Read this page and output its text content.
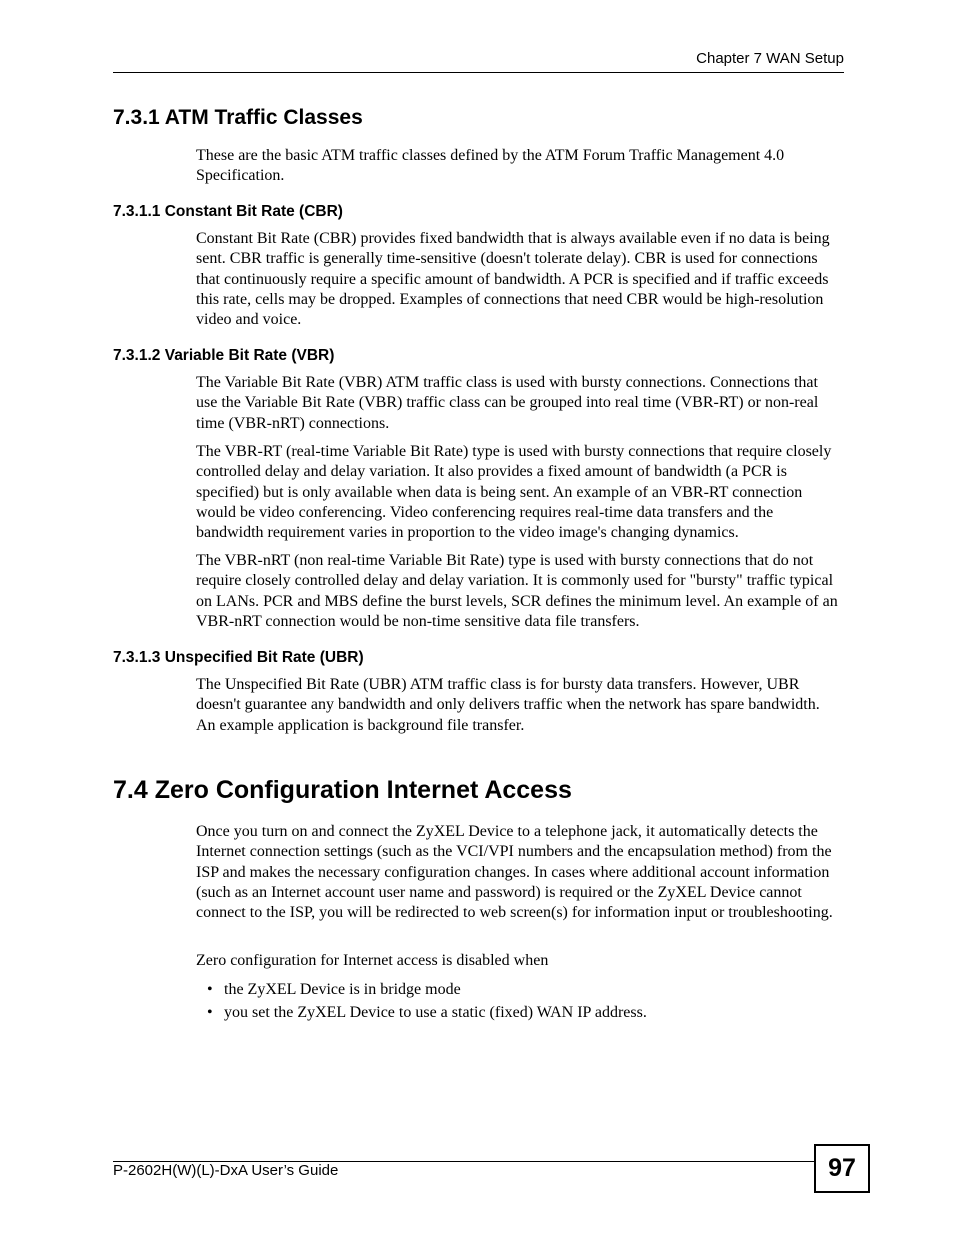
Chapter 7 WAN Setup
7.3.1 ATM Traffic Classes

These are the basic ATM traffic classes defined by the ATM Forum Traffic Management 4.0 Specification.

7.3.1.1 Constant Bit Rate (CBR)

Constant Bit Rate (CBR) provides fixed bandwidth that is always available even if no data is being sent. CBR traffic is generally time-sensitive (doesn't tolerate delay). CBR is used for connections that continuously require a specific amount of bandwidth. A PCR is specified and if traffic exceeds this rate, cells may be dropped. Examples of connections that need CBR would be high-resolution video and voice.

7.3.1.2 Variable Bit Rate (VBR)

The Variable Bit Rate (VBR) ATM traffic class is used with bursty connections. Connections that use the Variable Bit Rate (VBR) traffic class can be grouped into real time (VBR-RT) or non-real time (VBR-nRT) connections.

The VBR-RT (real-time Variable Bit Rate) type is used with bursty connections that require closely controlled delay and delay variation. It also provides a fixed amount of bandwidth (a PCR is specified) but is only available when data is being sent. An example of an VBR-RT connection would be video conferencing. Video conferencing requires real-time data transfers and the bandwidth requirement varies in proportion to the video image's changing dynamics.

The VBR-nRT (non real-time Variable Bit Rate) type is used with bursty connections that do not require closely controlled delay and delay variation. It is commonly used for "bursty" traffic typical on LANs. PCR and MBS define the burst levels, SCR defines the minimum level. An example of an VBR-nRT connection would be non-time sensitive data file transfers.

7.3.1.3 Unspecified Bit Rate (UBR)

The Unspecified Bit Rate (UBR) ATM traffic class is for bursty data transfers. However, UBR doesn't guarantee any bandwidth and only delivers traffic when the network has spare bandwidth. An example application is background file transfer.

7.4 Zero Configuration Internet Access

Once you turn on and connect the ZyXEL Device to a telephone jack, it automatically detects the Internet connection settings (such as the VCI/VPI numbers and the encapsulation method) from the ISP and makes the necessary configuration changes. In cases where additional account information (such as an Internet account user name and password) is required or the ZyXEL Device cannot connect to the ISP, you will be redirected to web screen(s) for information input or troubleshooting.

Zero configuration for Internet access is disabled when

• the ZyXEL Device is in bridge mode
• you set the ZyXEL Device to use a static (fixed) WAN IP address.
P-2602H(W)(L)-DxA User’s Guide	97
